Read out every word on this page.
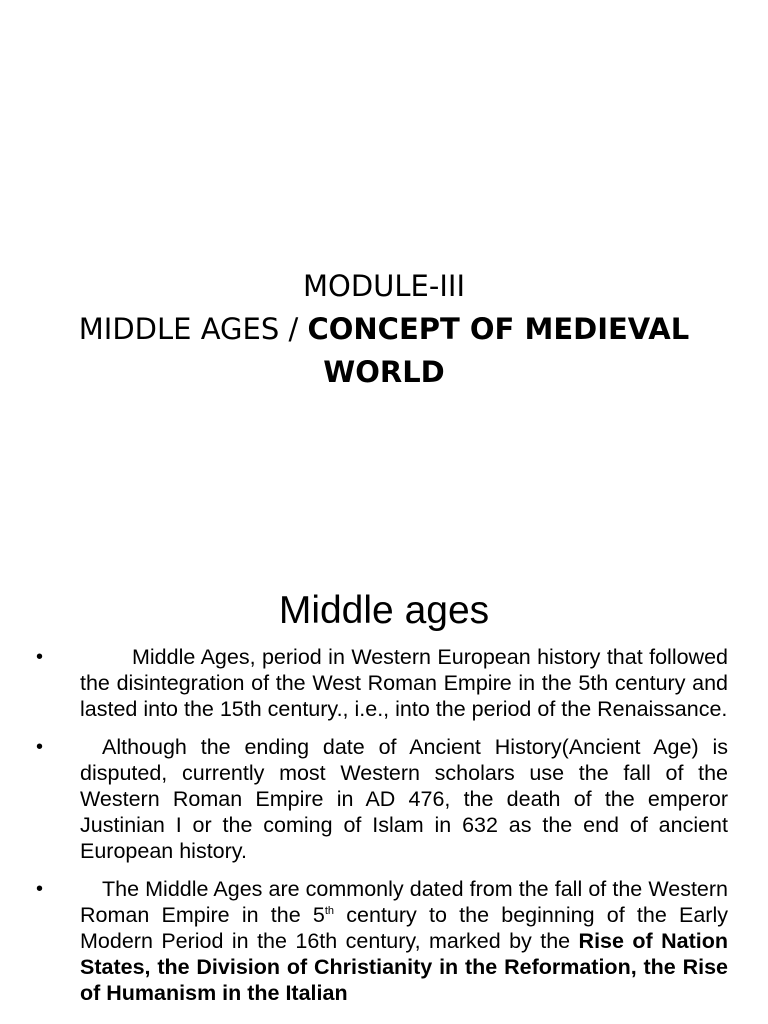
MODULE-III
MIDDLE AGES / CONCEPT OF MEDIEVAL
WORLD
Middle ages
•	Middle Ages, period in Western European history that followed the disintegration of the West Roman Empire in the 5th century and lasted into the 15th century., i.e., into the period of the Renaissance.
•	Although the ending date of Ancient History(Ancient Age) is disputed, currently most Western scholars use the fall of the Western Roman Empire in AD 476, the death of the emperor Justinian I or the coming of Islam in 632 as the end of ancient European history.
•	The Middle Ages are commonly dated from the fall of the Western Roman Empire in the 5th century to the beginning of the Early Modern Period in the 16th century, marked by the Rise of Nation States, the Division of Christianity in the Reformation, the Rise of Humanism in the Italian
